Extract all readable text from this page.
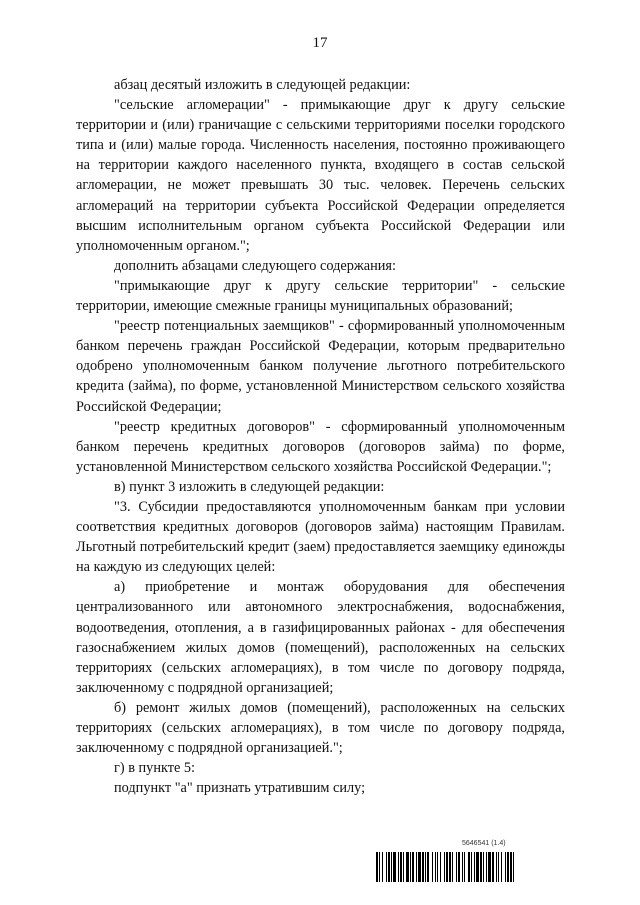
17

абзац десятый изложить в следующей редакции:

"сельские агломерации" - примыкающие друг к другу сельские территории и (или) граничащие с сельскими территориями поселки городского типа и (или) малые города. Численность населения, постоянно проживающего на территории каждого населенного пункта, входящего в состав сельской агломерации, не может превышать 30 тыс. человек. Перечень сельских агломераций на территории субъекта Российской Федерации определяется высшим исполнительным органом субъекта Российской Федерации или уполномоченным органом.";

дополнить абзацами следующего содержания:

"примыкающие друг к другу сельские территории" - сельские территории, имеющие смежные границы муниципальных образований;

"реестр потенциальных заемщиков" - сформированный уполномоченным банком перечень граждан Российской Федерации, которым предварительно одобрено уполномоченным банком получение льготного потребительского кредита (займа), по форме, установленной Министерством сельского хозяйства Российской Федерации;

"реестр кредитных договоров" - сформированный уполномоченным банком перечень кредитных договоров (договоров займа) по форме, установленной Министерством сельского хозяйства Российской Федерации.";

в) пункт 3 изложить в следующей редакции:

"3. Субсидии предоставляются уполномоченным банкам при условии соответствия кредитных договоров (договоров займа) настоящим Правилам. Льготный потребительский кредит (заем) предоставляется заемщику единожды на каждую из следующих целей:

а) приобретение и монтаж оборудования для обеспечения централизованного или автономного электроснабжения, водоснабжения, водоотведения, отопления, а в газифицированных районах - для обеспечения газоснабжением жилых домов (помещений), расположенных на сельских территориях (сельских агломерациях), в том числе по договору подряда, заключенному с подрядной организацией;

б) ремонт жилых домов (помещений), расположенных на сельских территориях (сельских агломерациях), в том числе по договору подряда, заключенному с подрядной организацией.";

г) в пункте 5:

подпункт "а" признать утратившим силу;

5646541 (1.4)
